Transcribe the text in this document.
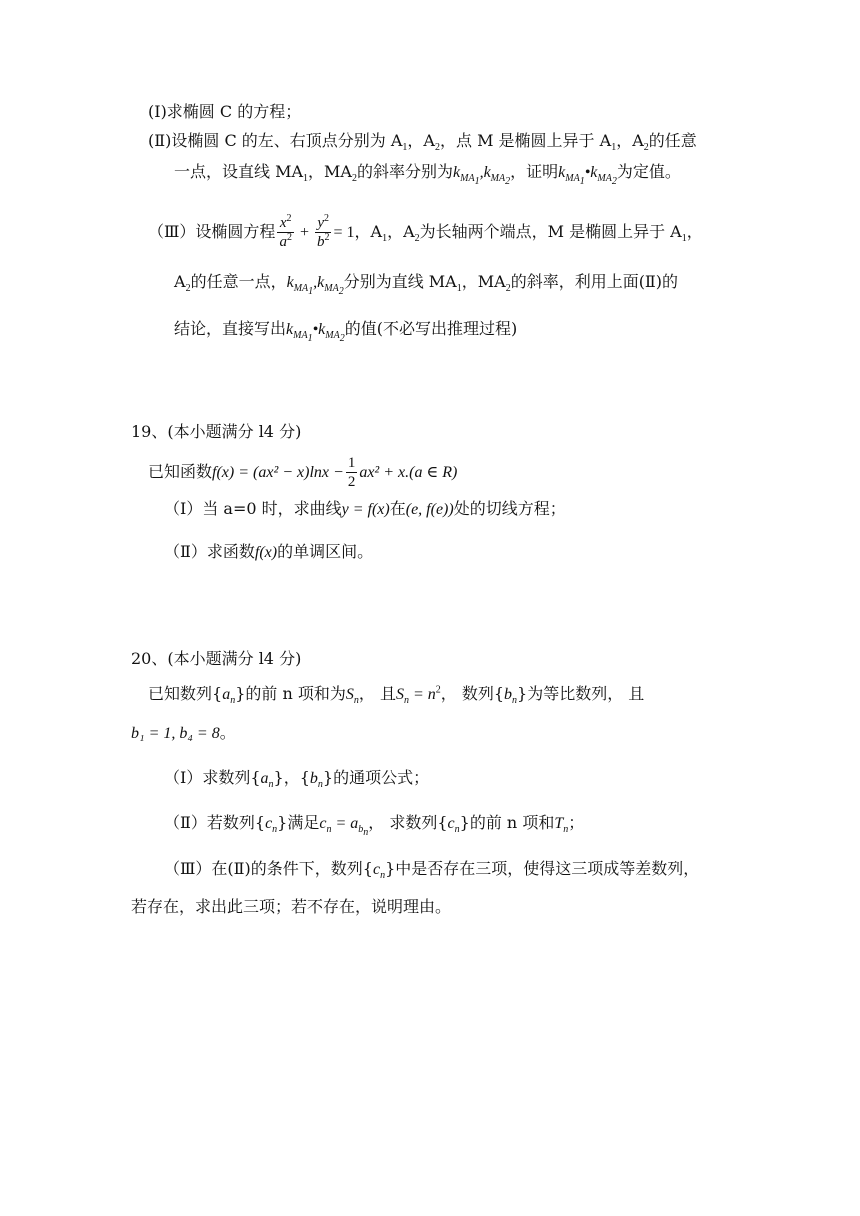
(I)求椭圆 C 的方程；
(Ⅱ)设椭圆 C 的左、右顶点分别为 $A_1$，$A_2$，点 M 是椭圆上异于 $A_1$，$A_2$的任意
一点，设直线 $MA_1$，$MA_2$的斜率分别为$k_{MA_1},k_{MA_2}$，证明$k_{MA_1}•k_{MA_2}$为定值。
（Ⅲ）设椭圆方程 $\frac{x^2}{a^2} + \frac{y^2}{b^2} = 1$，$A_1$，$A_2$为长轴两个端点，M 是椭圆上异于 $A_1$，
$A_2$的任意一点，$k_{MA_1},k_{MA_2}$分别为直线 $MA_1$，$MA_2$的斜率，利用上面(Ⅱ)的
结论，直接写出$k_{MA_1}•k_{MA_2}$的值(不必写出推理过程)
19、(本小题满分 l4 分)
已知函数$f(x) = (ax^2 - x)\ln x - \frac{1}{2} ax^2 + x.(a$ ∈ R)
（Ⅰ）当 a=0 时，求曲线y = f(x)在(e, f(e))处的切线方程；
（Ⅱ）求函数f(x)的单调区间。
20、(本小题满分 l4 分)
已知数列$\{a_n\}$的前 n 项和为$S_n$， 且$S_n = n^2$， 数列$\{b_n\}$为等比数列， 且
b₁ = 1, b₄ = 8。
（Ⅰ）求数列$\{a_n\}$，$\{b_n\}$的通项公式；
（Ⅱ）若数列$\{c_n\}$满足$c_n = a_{b_n}$， 求数列$\{c_n\}$的前 n 项和$T_n$；
（Ⅲ）在(Ⅱ)的条件下，数列$\{c_n\}$中是否存在三项，使得这三项成等差数列，
若存在，求出此三项；若不存在，说明理由。
